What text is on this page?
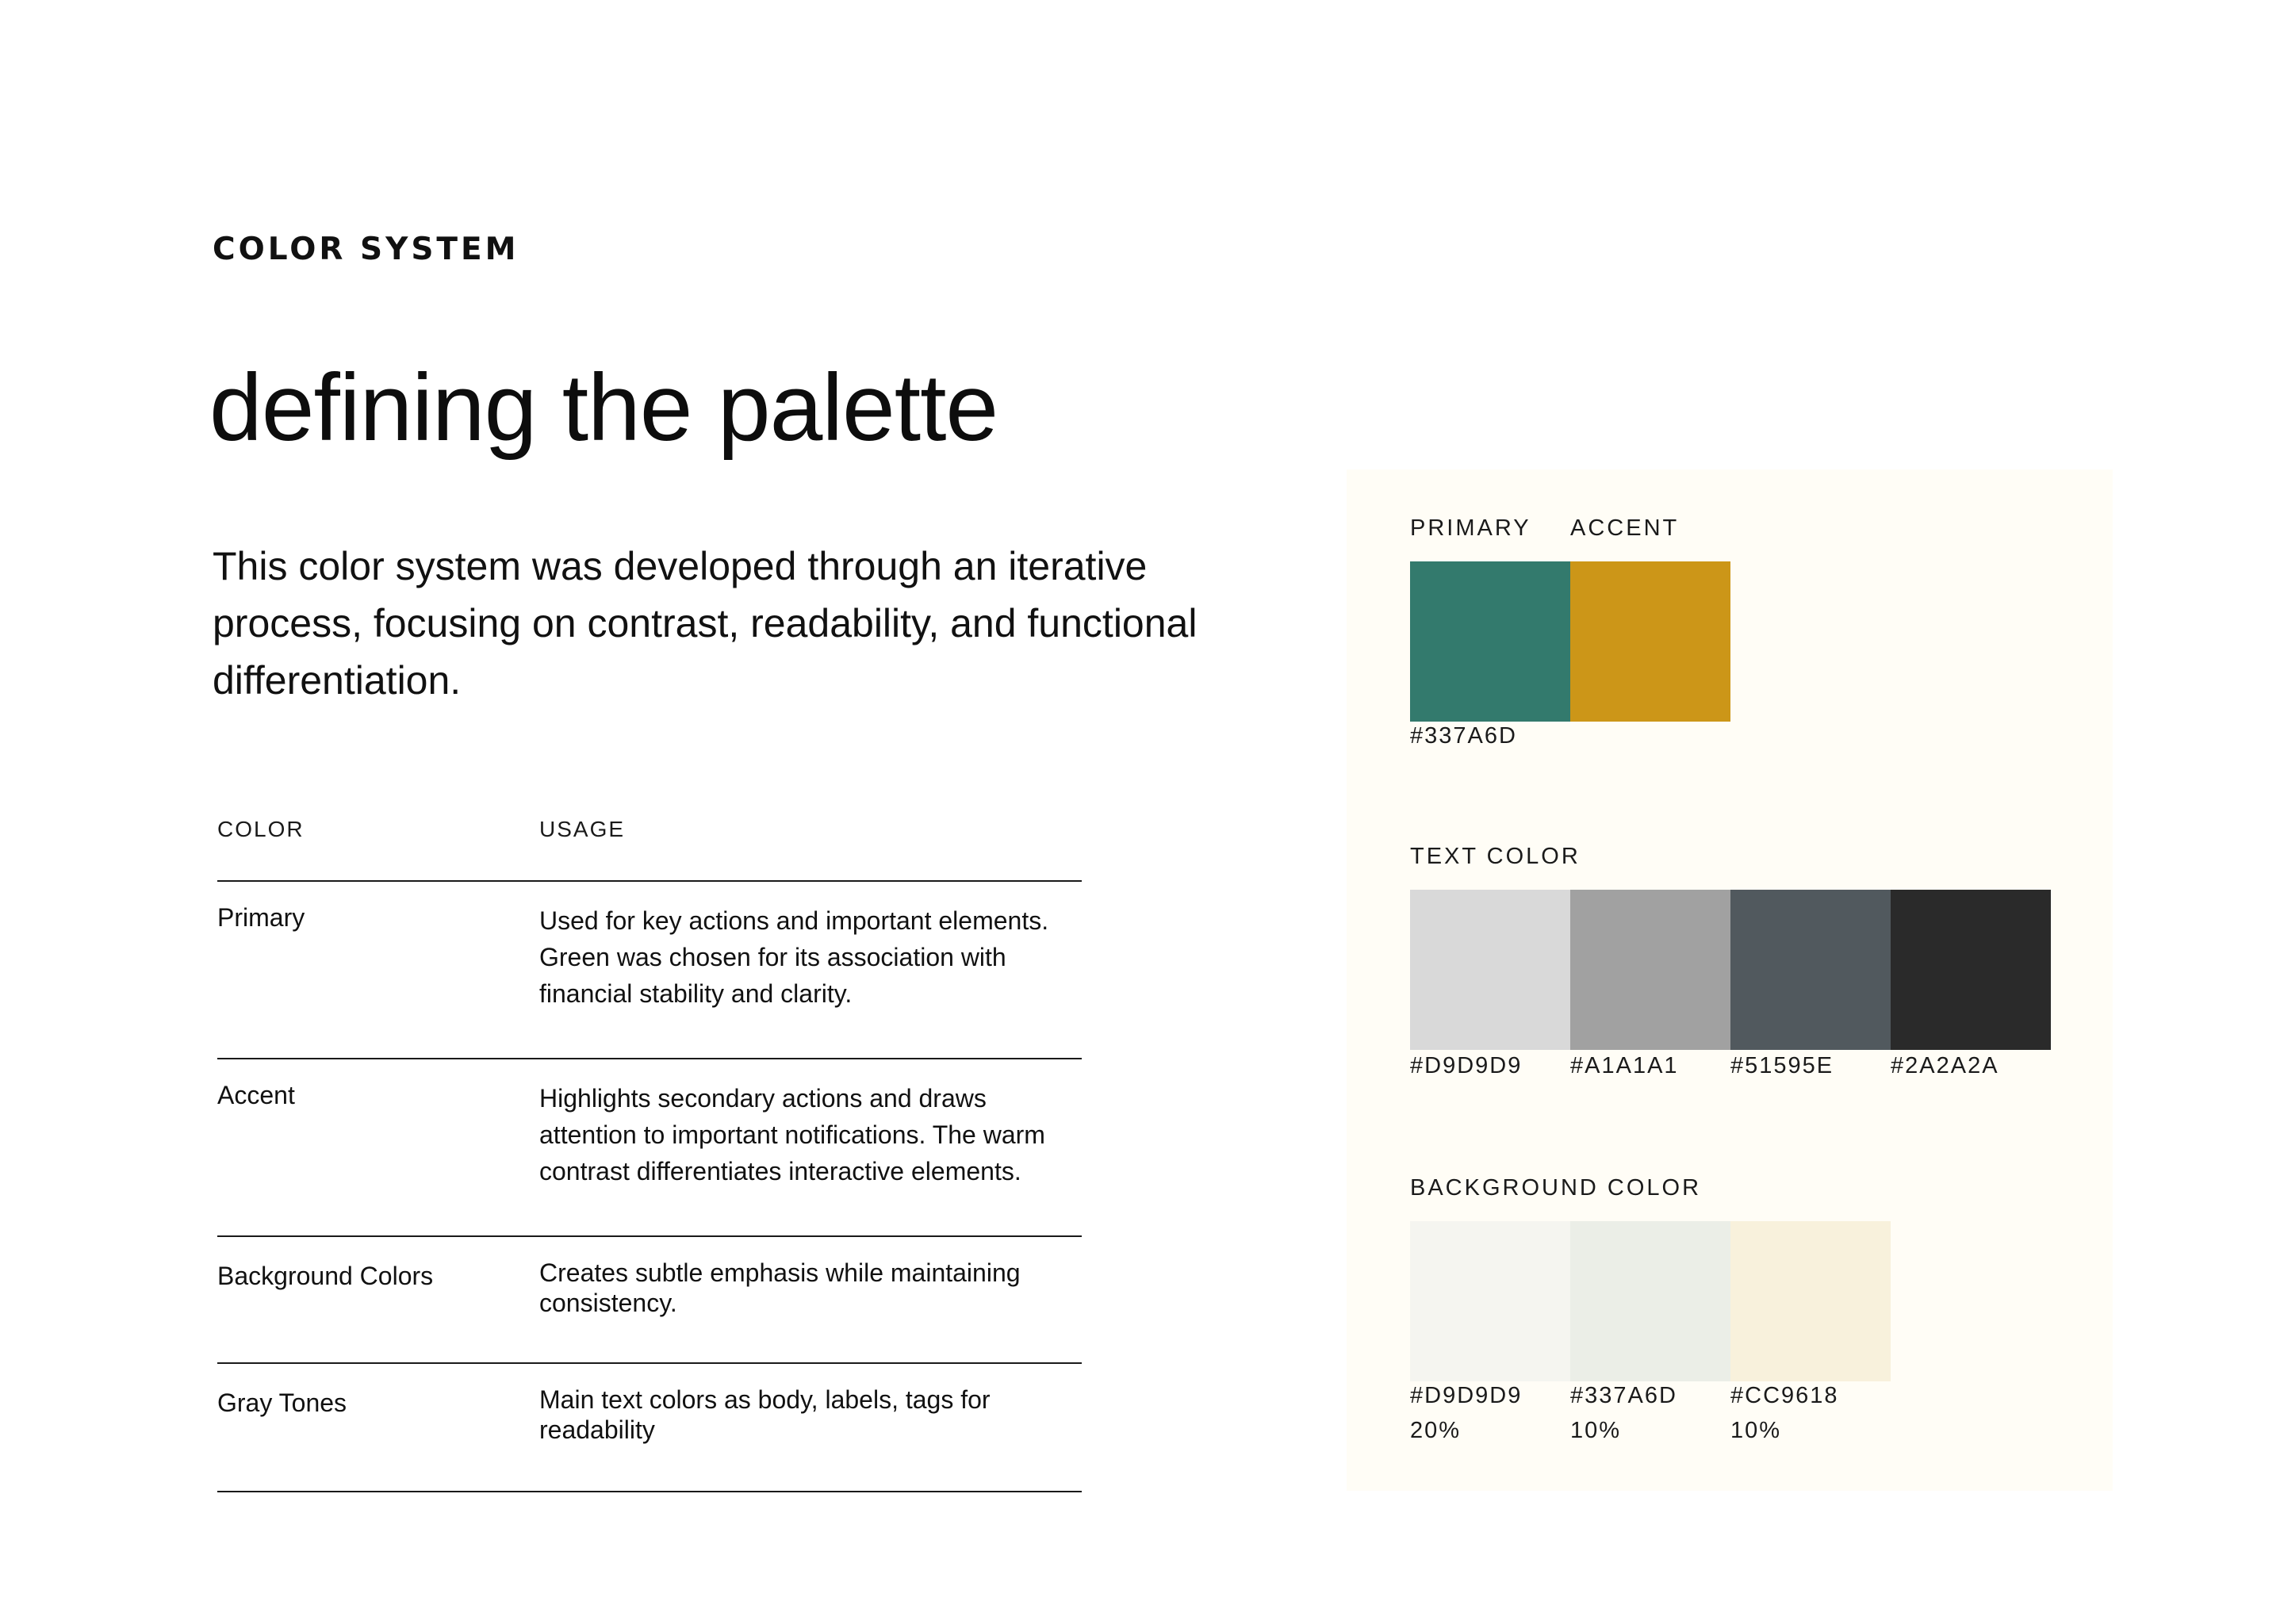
COLOR SYSTEM
defining the palette
This color system was developed through an iterative process, focusing on contrast, readability, and functional differentiation.
COLOR	USAGE
Primary	Used for key actions and important elements. Green was chosen for its association with financial stability and clarity.
Accent	Highlights secondary actions and draws attention to important notifications. The warm contrast differentiates interactive elements.
Background Colors	Creates subtle emphasis while maintaining consistency.
Gray Tones	Main text colors as body, labels, tags for readability
PRIMARY ACCENT
#337A6D #CC9618
TEXT COLOR
#D9D9D9 #A1A1A1 #51595E #2A2A2A
BACKGROUND COLOR
#D9D9D9 #337A6D #CC9618
20%	10%	10%
